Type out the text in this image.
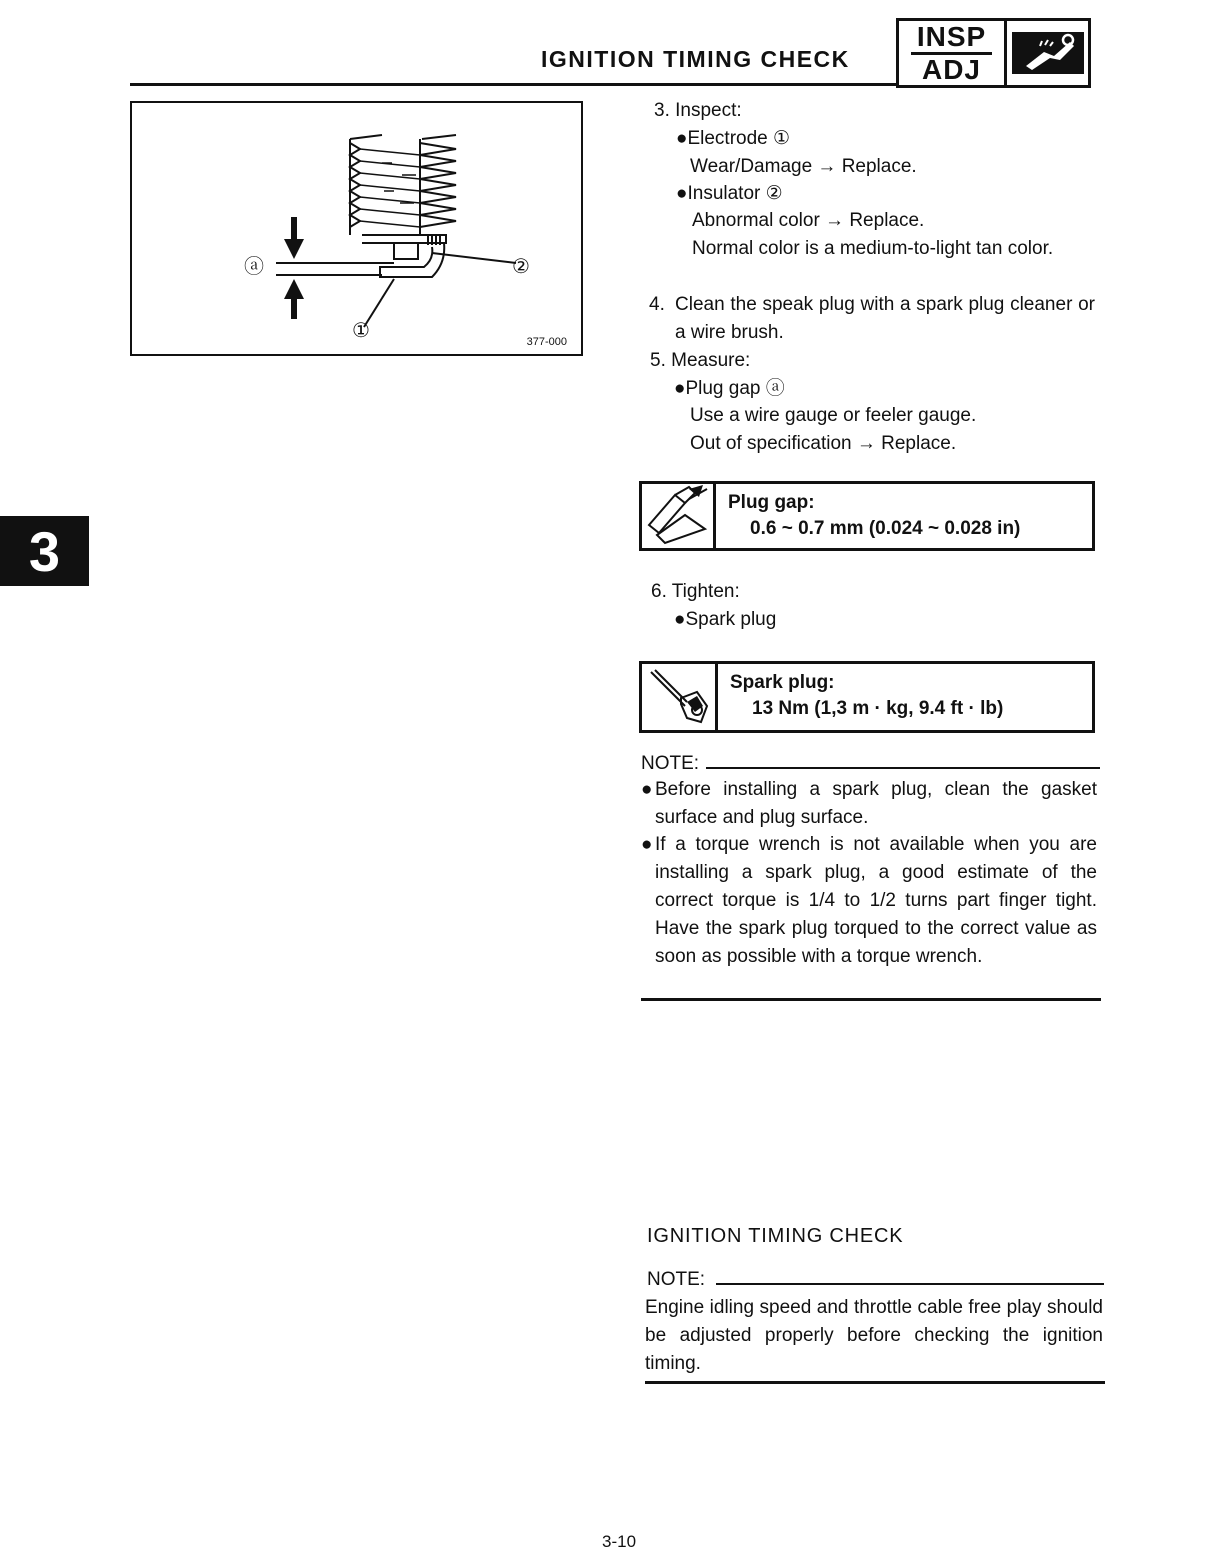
IGNITION TIMING CHECK
INSP
ADJ
ⓐ	②
①	377-000
3
3. Inspect:
●Electrode ①
Wear/Damage → Replace.
●Insulator ②
Abnormal color → Replace.
Normal color is a medium-to-light tan color.
4. Clean the speak plug with a spark plug cleaner or a wire brush.
5. Measure:
●Plug gap ⓐ
Use a wire gauge or feeler gauge.
Out of specification → Replace.
Plug gap:
0.6 ~ 0.7 mm (0.024 ~ 0.028 in)
6. Tighten:
●Spark plug
Spark plug:
13 Nm (1,3 m · kg, 9.4 ft · lb)
NOTE:
● Before installing a spark plug, clean the gasket surface and plug surface.
● If a torque wrench is not available when you are installing a spark plug, a good estimate of the correct torque is 1/4 to 1/2 turns part finger tight. Have the spark plug torqued to the correct value as soon as possible with a torque wrench.
IGNITION TIMING CHECK
NOTE:
Engine idling speed and throttle cable free play should be adjusted properly before checking the ignition timing.
3-10
